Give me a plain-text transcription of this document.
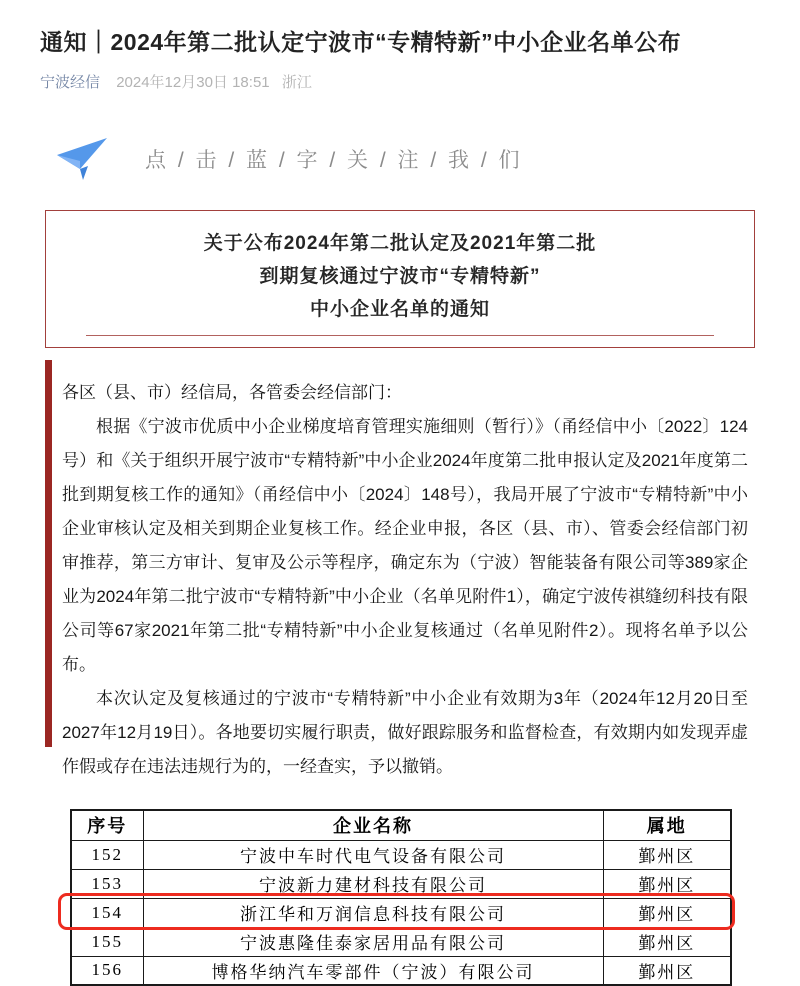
通知｜2024年第二批认定宁波市“专精特新”中小企业名单公布
宁波经信 2024年12月30日 18:51 浙江
点 / 击 / 蓝 / 字 / 关 / 注 / 我 / 们
关于公布2024年第二批认定及2021年第二批
到期复核通过宁波市“专精特新”
中小企业名单的通知

各区（县、市）经信局，各管委会经信部门：

根据《宁波市优质中小企业梯度培育管理实施细则（暂行）》（甬经信中小〔2022〕124号）和《关于组织开展宁波市“专精特新”中小企业2024年度第二批申报认定及2021年度第二批到期复核工作的通知》（甬经信中小〔2024〕148号），我局开展了宁波市“专精特新”中小企业审核认定及相关到期企业复核工作。经企业申报，各区（县、市）、管委会经信部门初审推荐，第三方审计、复审及公示等程序，确定东为（宁波）智能装备有限公司等389家企业为2024年第二批宁波市“专精特新”中小企业（名单见附件1），确定宁波传祺缝纫科技有限公司等67家2021年第二批“专精特新”中小企业复核通过（名单见附件2）。现将名单予以公布。

本次认定及复核通过的宁波市“专精特新”中小企业有效期为3年（2024年12月20日至2027年12月19日）。各地要切实履行职责，做好跟踪服务和监督检查，有效期内如发现弄虚作假或存在违法违规行为的，一经查实，予以撤销。

序号	企业名称	属地
152	宁波中车时代电气设备有限公司	鄞州区
153	宁波新力建材科技有限公司	鄞州区
154	浙江华和万润信息科技有限公司	鄞州区
155	宁波惠隆佳泰家居用品有限公司	鄞州区
156	博格华纳汽车零部件（宁波）有限公司	鄞州区
